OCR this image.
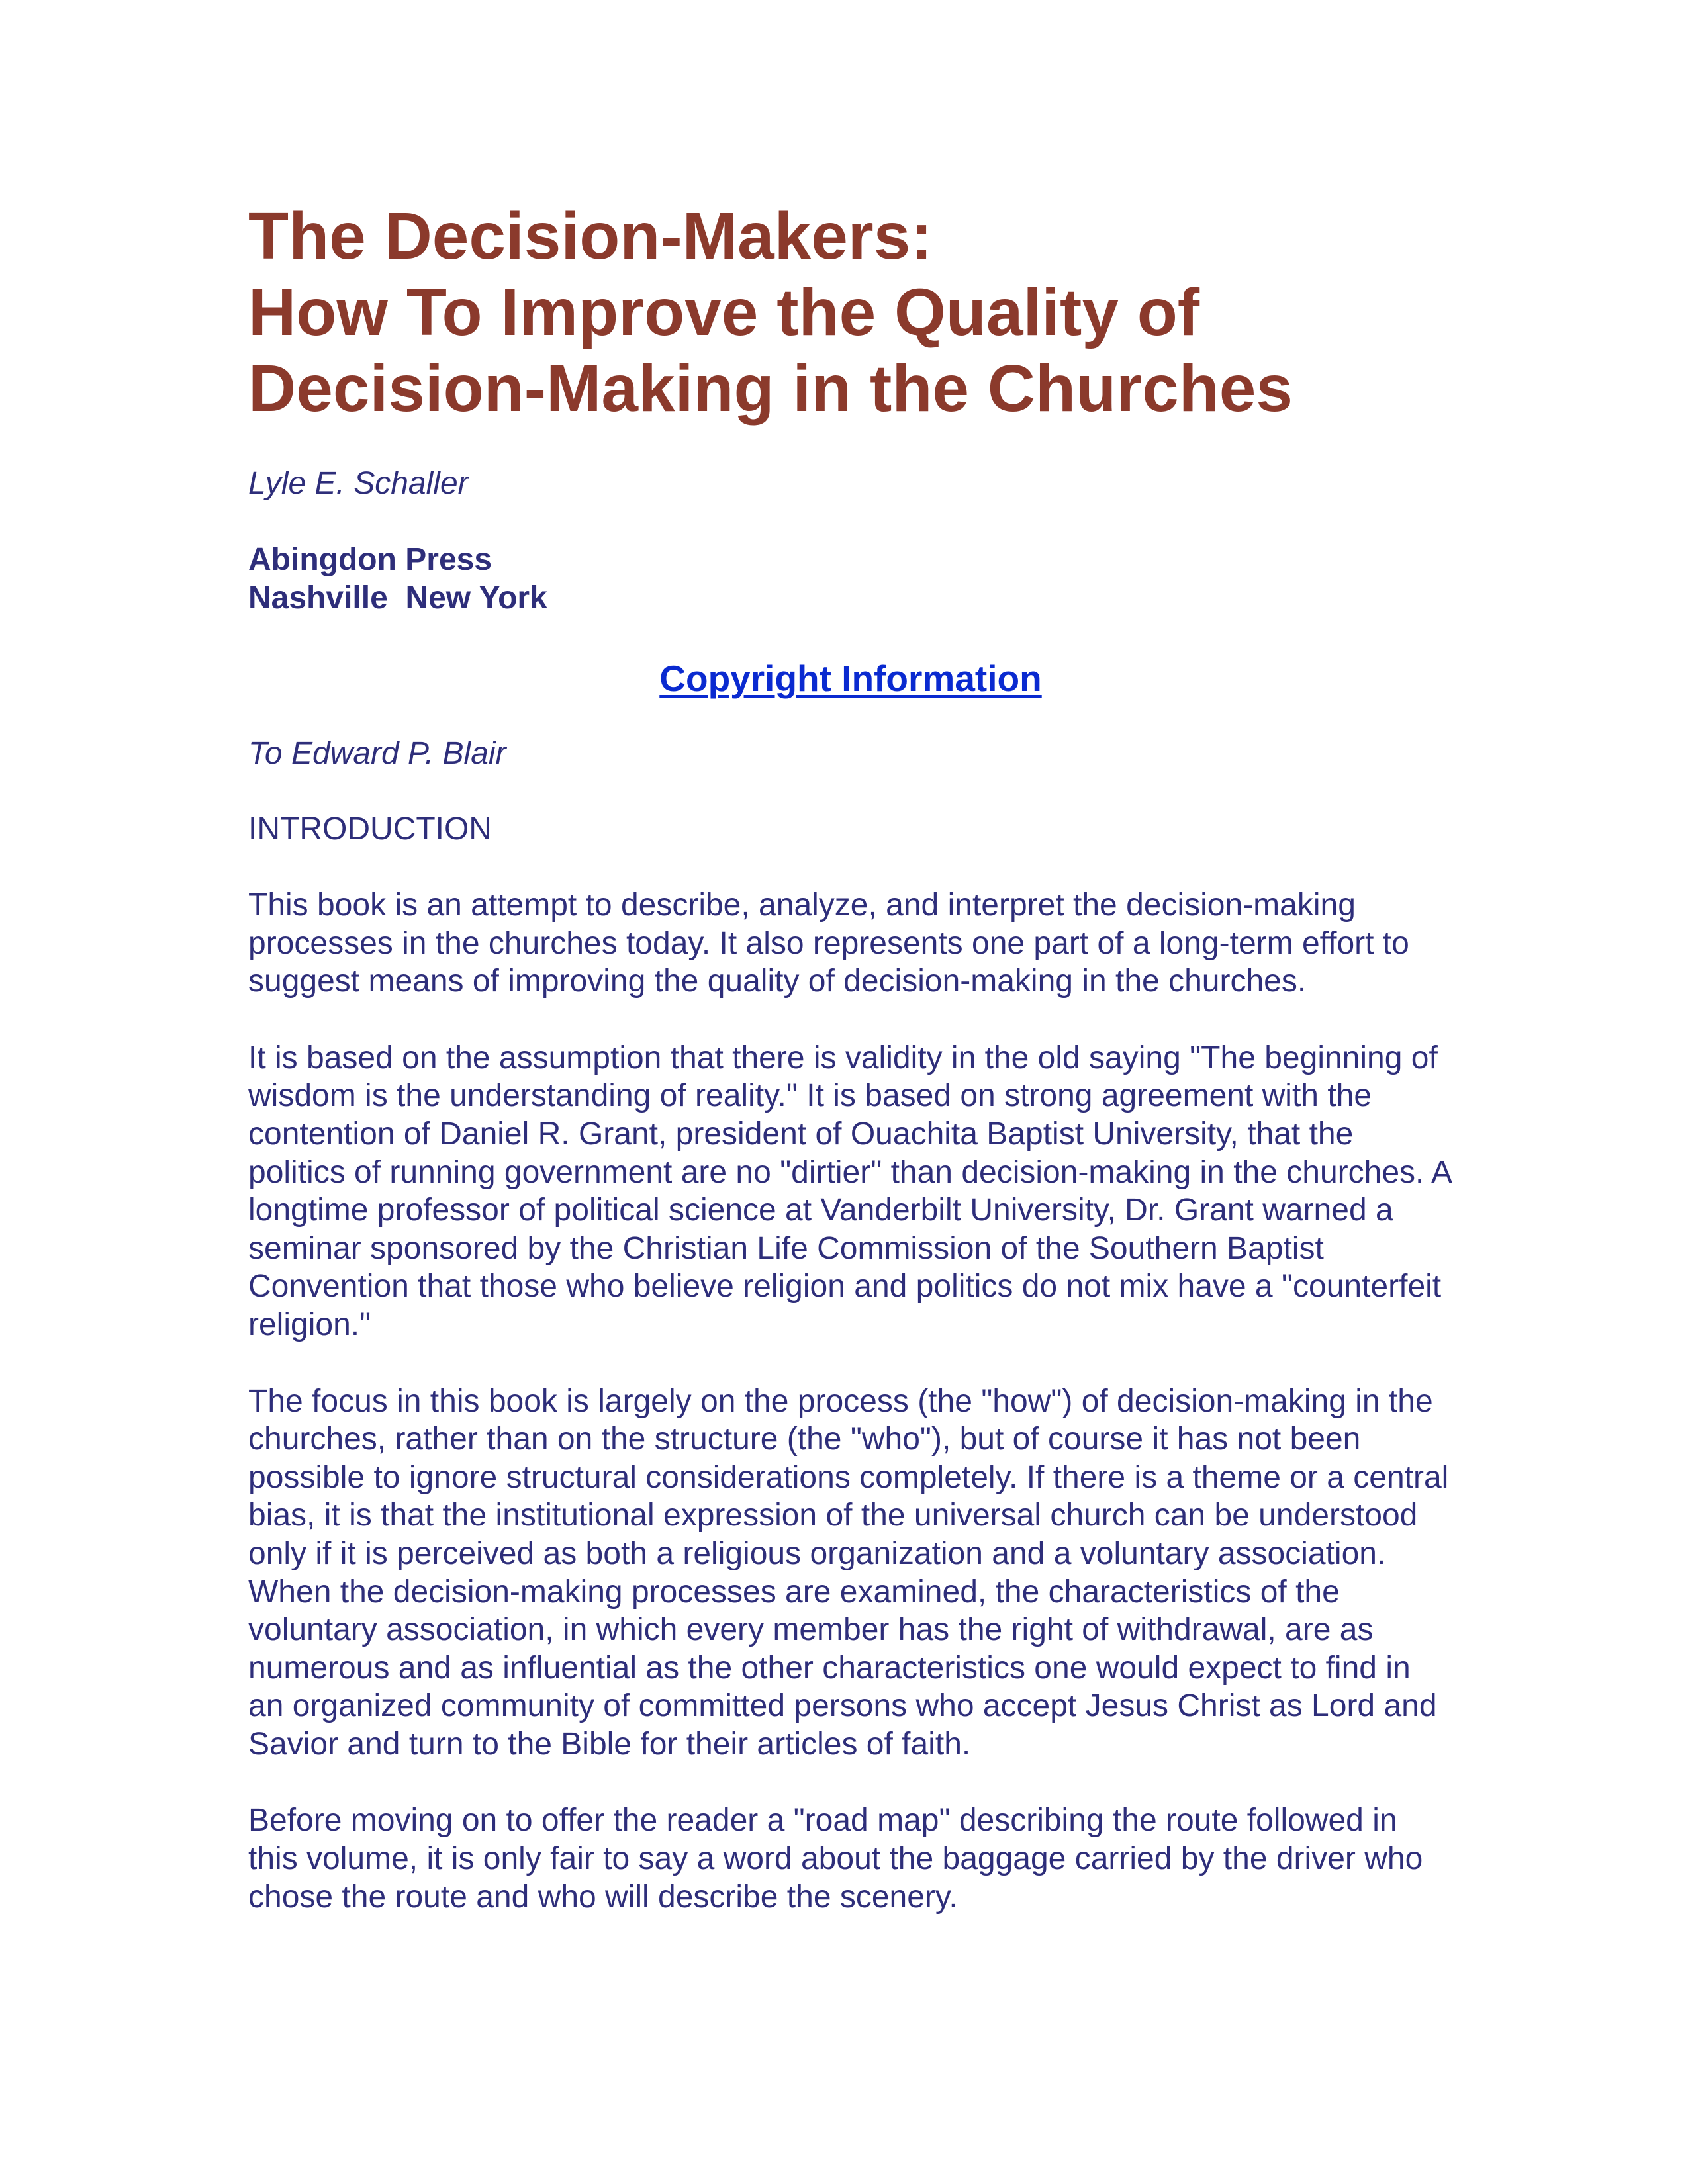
The Decision-Makers:
How To Improve the Quality of
Decision-Making in the Churches

Lyle E. Schaller

Abingdon Press
Nashville  New York

Copyright Information

To Edward P. Blair

INTRODUCTION

This book is an attempt to describe, analyze, and interpret the decision-making processes in the churches today. It also represents one part of a long-term effort to suggest means of improving the quality of decision-making in the churches.

It is based on the assumption that there is validity in the old saying "The beginning of wisdom is the understanding of reality." It is based on strong agreement with the contention of Daniel R. Grant, president of Ouachita Baptist University, that the politics of running government are no "dirtier" than decision-making in the churches. A longtime professor of political science at Vanderbilt University, Dr. Grant warned a seminar sponsored by the Christian Life Commission of the Southern Baptist Convention that those who believe religion and politics do not mix have a "counterfeit religion."

The focus in this book is largely on the process (the "how") of decision-making in the churches, rather than on the structure (the "who"), but of course it has not been possible to ignore structural considerations completely. If there is a theme or a central bias, it is that the institutional expression of the universal church can be understood only if it is perceived as both a religious organization and a voluntary association. When the decision-making processes are examined, the characteristics of the voluntary association, in which every member has the right of withdrawal, are as numerous and as influential as the other characteristics one would expect to find in an organized community of committed persons who accept Jesus Christ as Lord and Savior and turn to the Bible for their articles of faith.

Before moving on to offer the reader a "road map" describing the route followed in this volume, it is only fair to say a word about the baggage carried by the driver who chose the route and who will describe the scenery.
